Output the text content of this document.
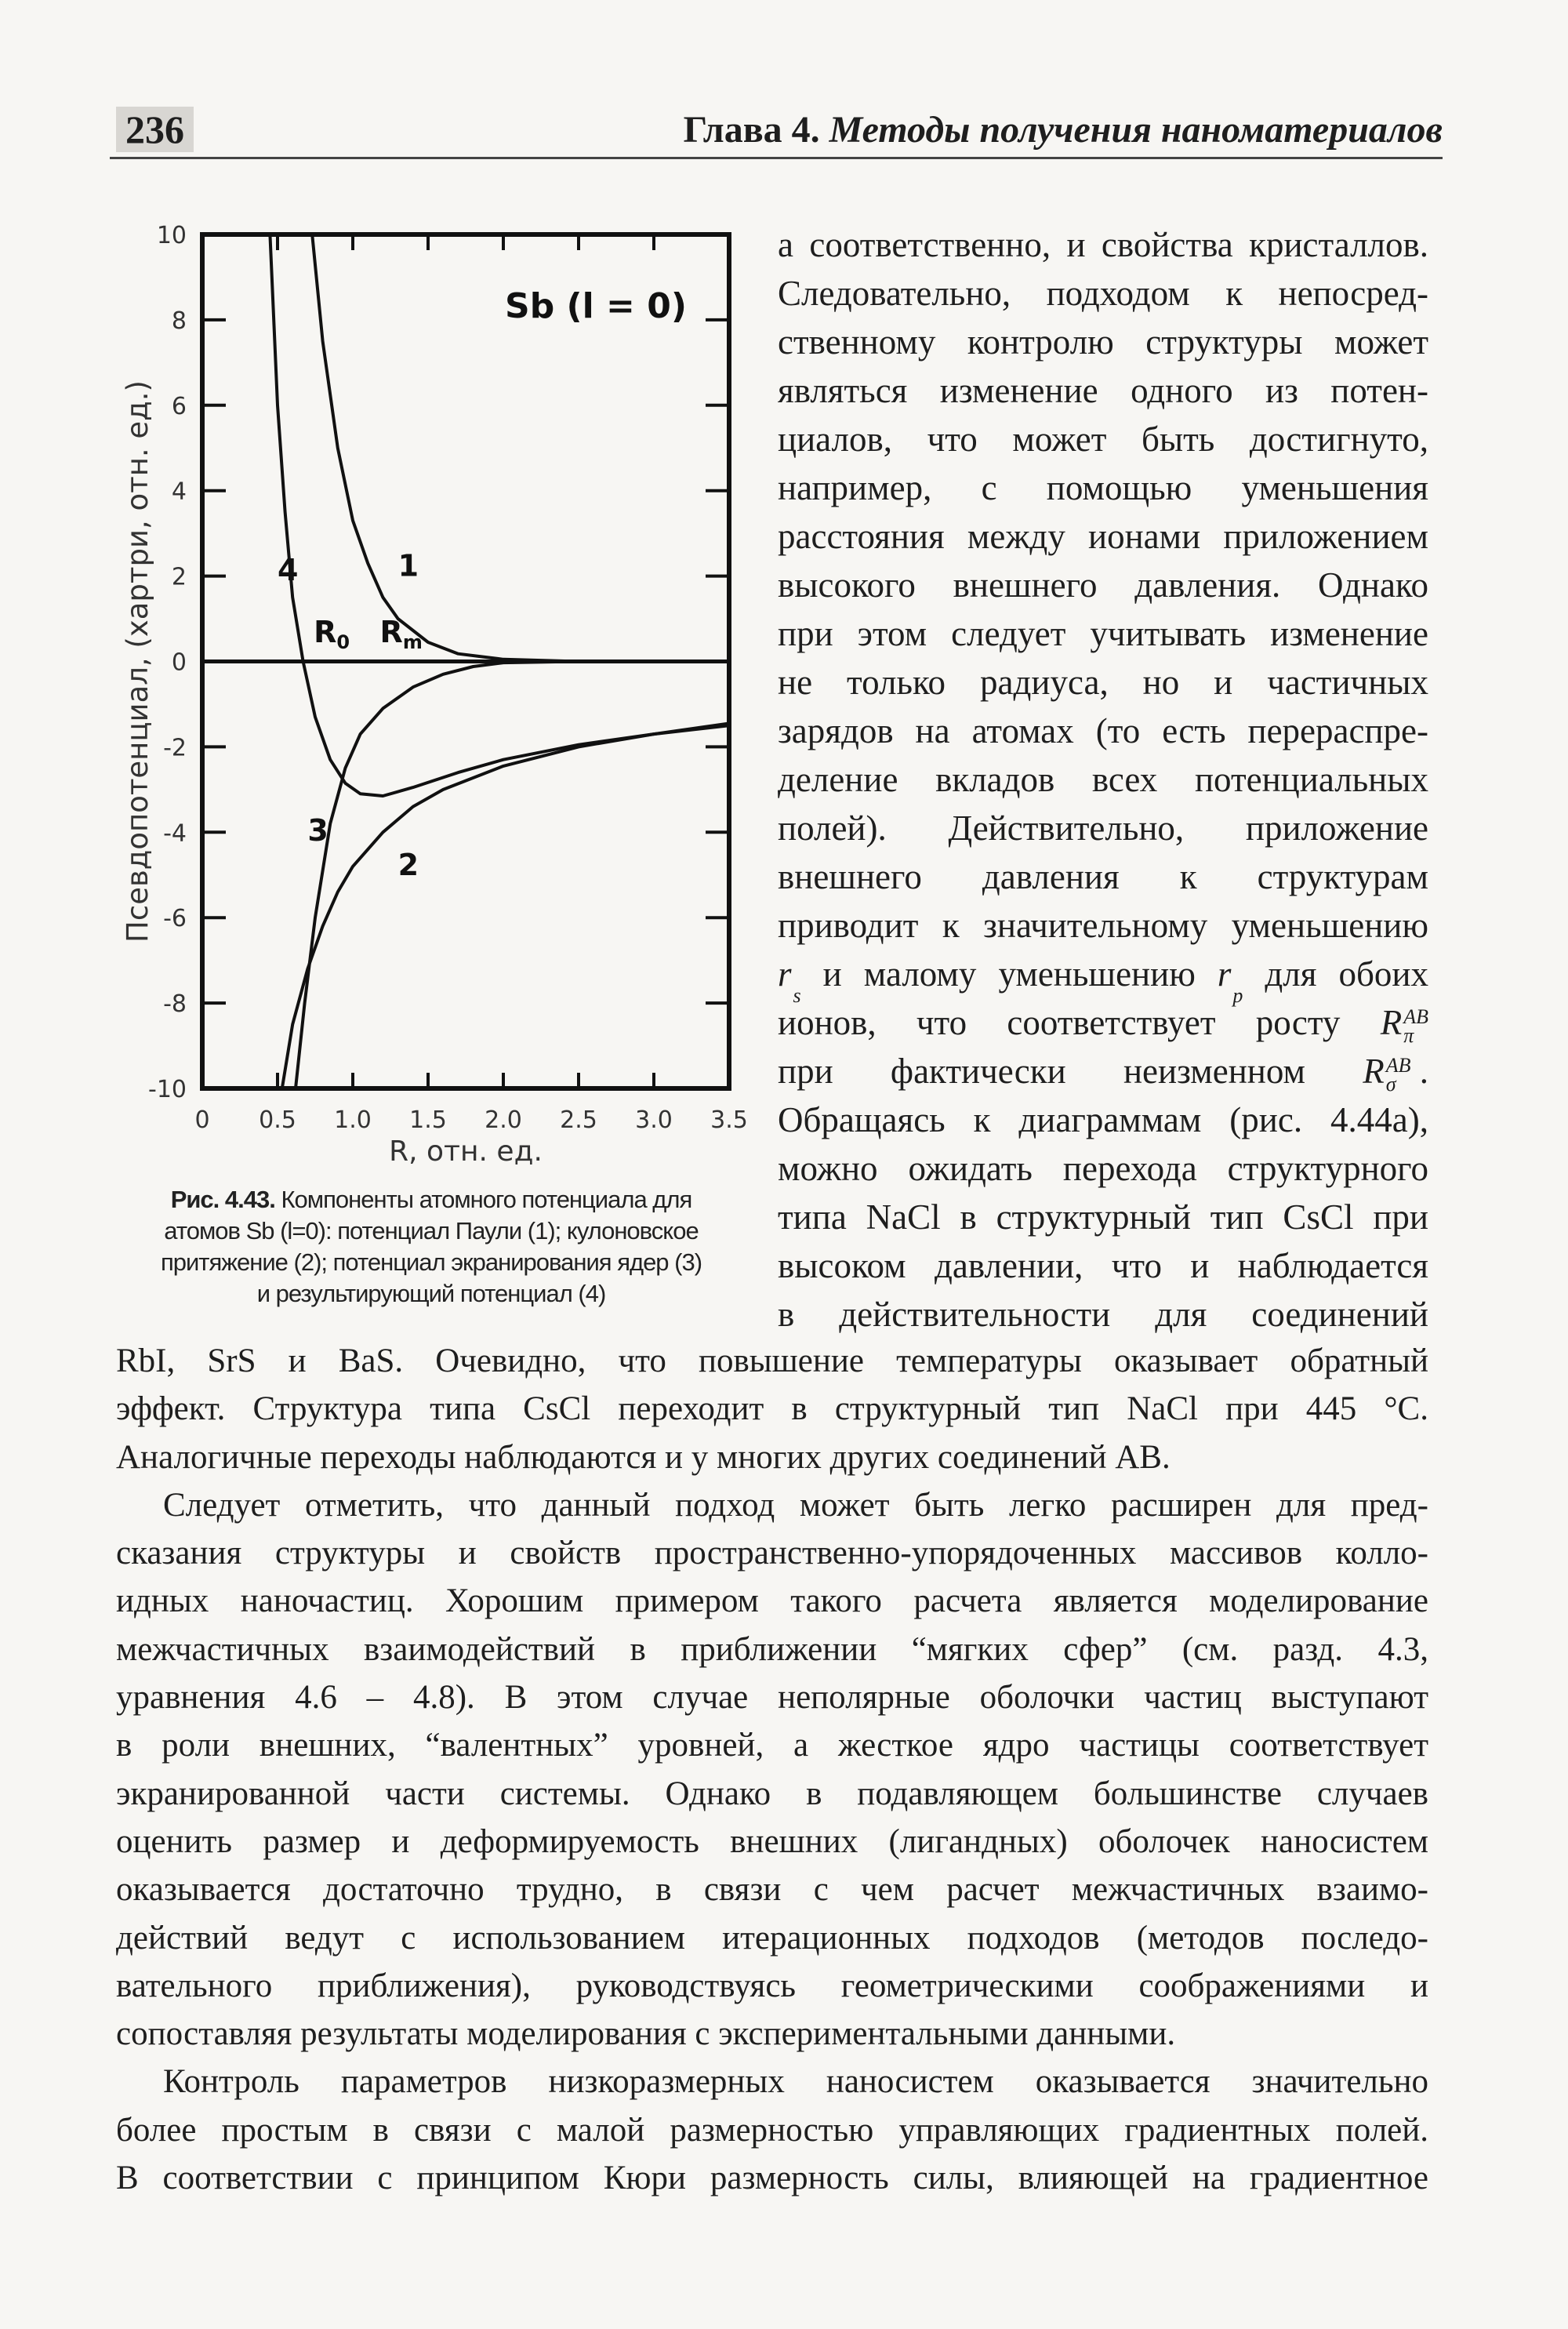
236	Глава 4. Методы получения наноматериалов
0 0.5 1.0 1.5 2.0 2.5 3.0 3.5
10
8
6
4
2
0
-2
-4
-6
-8
-10
R, отн. ед.
Псевдопотенциал, (хартри, отн. ед.)
Sb (l = 0)
1
4
2
3
$R_0$ $R_m$
Рис. 4.43. Компоненты атомного потенциала для
атомов Sb (l=0): потенциал Паули (1); кулоновское
притяжение (2); потенциал экранирования ядер (3)
и результирующий потенциал (4)
а соответственно, и свойства кристаллов.
Следовательно, подходом к непосред-
ственному контролю структуры может
являться изменение одного из потен-
циалов, что может быть достигнуто,
например, с помощью уменьшения
расстояния между ионами приложением
высокого внешнего давления. Однако
при этом следует учитывать изменение
не только радиуса, но и частичных
зарядов на атомах (то есть перераспре-
деление вкладов всех потенциальных
полей). Действительно, приложение
внешнего давления к структурам
приводит к значительному уменьшению
r

s
и малому уменьшению r

p
для обоих
ионов, что соответствует росту R AB
π
при фактически неизменном R AB
σ .
Обращаясь к диаграммам (рис. 4.44а),
можно ожидать перехода структурного
типа NaCl в структурный тип CsCl при
высоком давлении, что и наблюдается
в действительности для соединений
RbI, SrS и BaS. Очевидно, что повышение температуры оказывает обратный
эффект. Структура типа CsCl переходит в структурный тип NaCl при 445 °C.
Аналогичные переходы наблюдаются и у многих других соединений AB.
Следует отметить, что данный подход может быть легко расширен для пред-
сказания структуры и свойств пространственно-упорядоченных массивов колло-
идных наночастиц. Хорошим примером такого расчета является моделирование
межчастичных взаимодействий в приближении “мягких сфер” (см. разд. 4.3,
уравнения 4.6 – 4.8). В этом случае неполярные оболочки частиц выступают
в роли внешних, “валентных” уровней, а жесткое ядро частицы соответствует
экранированной части системы. Однако в подавляющем большинстве случаев
оценить размер и деформируемость внешних (лигандных) оболочек наносистем
оказывается достаточно трудно, в связи с чем расчет межчастичных взаимо-
действий ведут с использованием итерационных подходов (методов последо-
вательного приближения), руководствуясь геометрическими соображениями и
сопоставляя результаты моделирования с экспериментальными данными.
Контроль параметров низкоразмерных наносистем оказывается значительно
более простым в связи с малой размерностью управляющих градиентных полей.
В соответствии с принципом Кюри размерность силы, влияющей на градиентное
